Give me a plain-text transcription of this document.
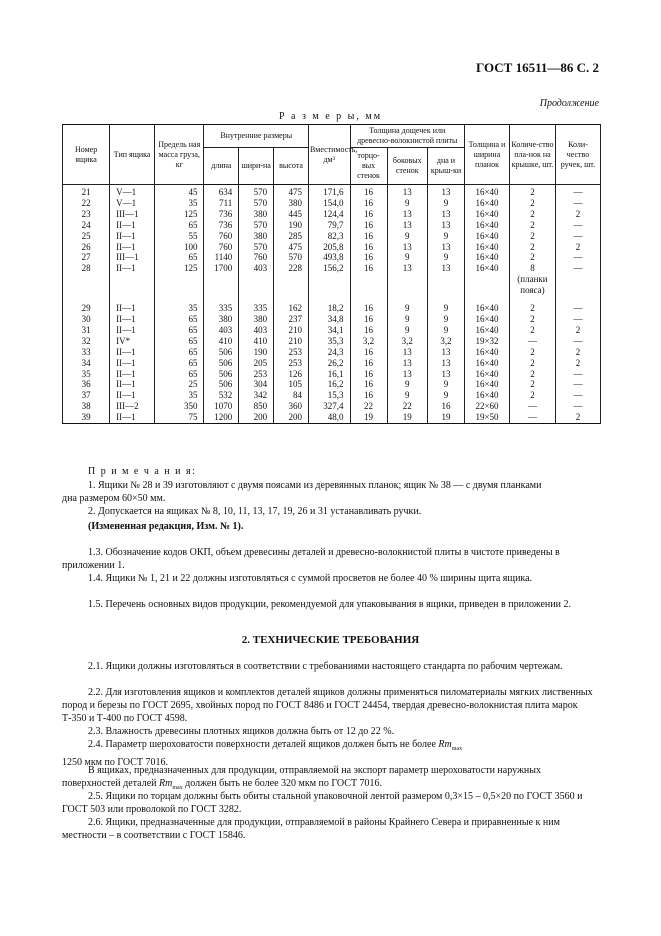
ГОСТ 16511—86 С. 2
Продолжение
Р а з м е р ы, мм
Номер ящика	Тип ящика	Предель ная масса груза, кг	Внутренние размеры			Вместимость, дм³	Толщина дощечек или древесно-волокнистой плиты			Толщина и ширина планок	Количе-ство пла-нок на крышке, шт.	Коли-чество ручек, шт.
			длина	шири-на	высота		торцо-вых стенок	боковых стенок	дна и крыш-ки			
21	V—1	45	634	570	475	171,6	16	13	13	16×40	2	—
22	V—1	35	711	570	380	154,0	16	9	9	16×40	2	—
23	III—1	125	736	380	445	124,4	16	13	13	16×40	2	2
24	II—1	65	736	570	190	79,7	16	13	13	16×40	2	—
25	II—1	55	760	380	285	82,3	16	9	9	16×40	2	—
26	II—1	100	760	570	475	205,8	16	13	13	16×40	2	2
27	III—1	65	1140	760	570	493,8	16	9	9	16×40	2	—
28	II—1	125	1700	403	228	156,2	16	13	13	16×40	8	—
											(планки	
											пояса)	

29	II—1	35	335	335	162	18,2	16	9	9	16×40	2	—
30	II—1	65	380	380	237	34,8	16	9	9	16×40	2	—
31	II—1	65	403	403	210	34,1	16	9	9	16×40	2	2
32	IV*	65	410	410	210	35,3	3,2	3,2	3,2	19×32	—	—
33	II—1	65	506	190	253	24,3	16	13	13	16×40	2	2
34	II—1	65	506	205	253	26,2	16	13	13	16×40	2	2
35	II—1	65	506	253	126	16,1	16	13	13	16×40	2	—
36	II—1	25	506	304	105	16,2	16	9	9	16×40	2	—
37	II—1	35	532	342	84	15,3	16	9	9	16×40	2	—
38	III—2	350	1070	850	360	327,4	22	22	16	22×60	—	—
39	II—1	75	1200	200	200	48,0	19	19	19	19×50	—	2
П р и м е ч а н и я:
1. Ящики № 28 и 39 изготовляют с двумя поясами из деревянных планок; ящик № 38 — с двумя планками
дна размером 60×50 мм.
2. Допускается на ящиках № 8, 10, 11, 13, 17, 19, 26 и 31 устанавливать ручки.
(Измененная редакция, Изм. № 1).
1.3. Обозначение кодов ОКП, объем древесины деталей и древесно-волокнистой плиты в чистоте приведены в приложении 1.
1.4. Ящики № 1, 21 и 22 должны изготовляться с суммой просветов не более 40 % ширины щита ящика.
1.5. Перечень основных видов продукции, рекомендуемой для упаковывания в ящики, приведен в приложении 2.
2. ТЕХНИЧЕСКИЕ ТРЕБОВАНИЯ
2.1. Ящики должны изготовляться в соответствии с требованиями настоящего стандарта по рабочим чертежам.
2.2. Для изготовления ящиков и комплектов деталей ящиков должны применяться пиломатериалы мягких лиственных пород и березы по ГОСТ 2695, хвойных пород по ГОСТ 8486 и ГОСТ 24454, твердая древесно-волокнистая плита марок Т-350 и Т-400 по ГОСТ 4598.
2.3. Влажность древесины плотных ящиков должна быть от 12 до 22 %.
2.4. Параметр шероховатости поверхности деталей ящиков должен быть не более $Rm_{max}$
1250 мкм по ГОСТ 7016.
В ящиках, предназначенных для продукции, отправляемой на экспорт параметр шероховатости наружных поверхностей деталей $Rm_{max}$ должен быть не более 320 мкм по ГОСТ 7016.
2.5. Ящики по торцам должны быть обиты стальной упаковочной лентой размером 0,3×15 – 0,5×20 по ГОСТ 3560 и ГОСТ 503 или проволокой по ГОСТ 3282.
2.6. Ящики, предназначенные для продукции, отправляемой в районы Крайнего Севера и приравненные к ним местности – в соответствии с ГОСТ 15846.
